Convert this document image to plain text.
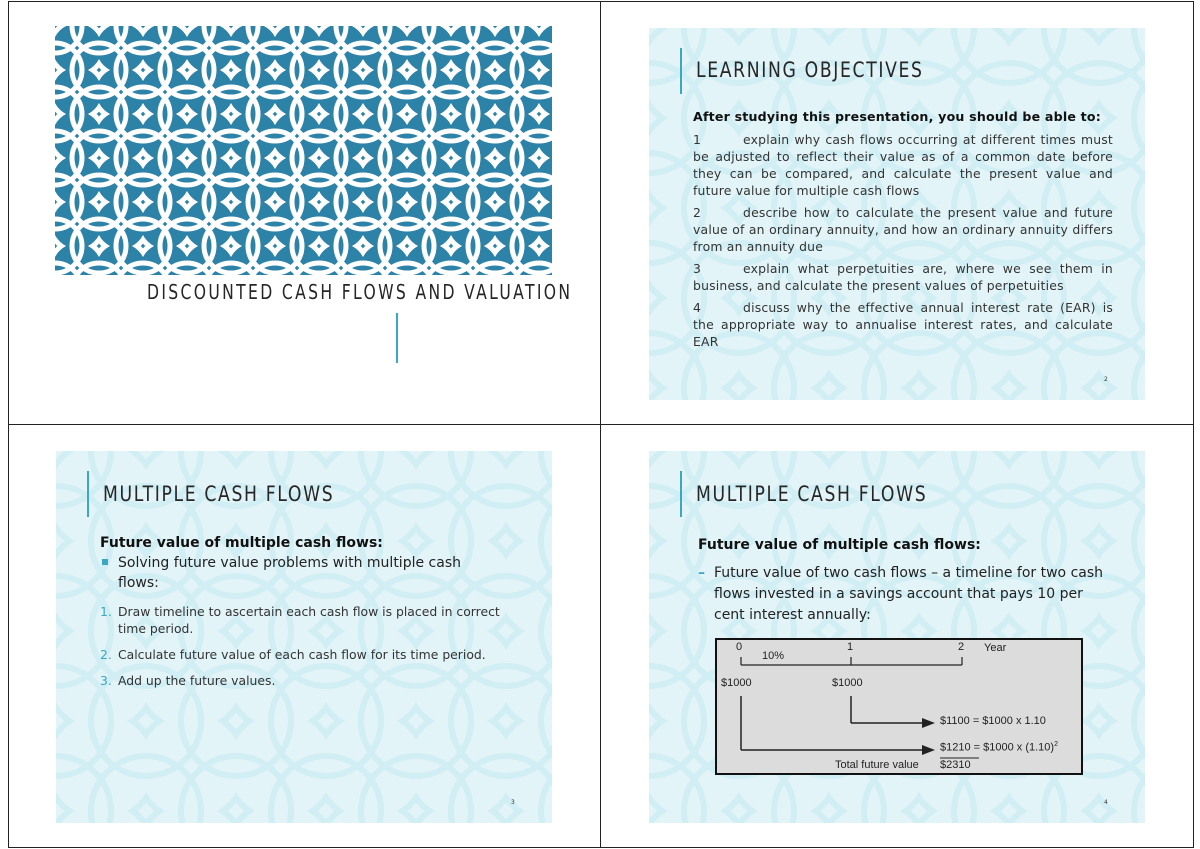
DISCOUNTED CASH FLOWS AND VALUATION
LEARNING OBJECTIVES

After studying this presentation, you should be able to:

1	explain why cash flows occurring at different times must be adjusted to reflect their value as of a common date before they can be compared, and calculate the present value and future value for multiple cash flows

2	describe how to calculate the present value and future value of an ordinary annuity, and how an ordinary annuity differs from an annuity due

3	explain what perpetuities are, where we see them in business, and calculate the present values of perpetuities

4	discuss why the effective annual interest rate (EAR) is the appropriate way to annualise interest rates, and calculate EAR

2
MULTIPLE CASH FLOWS
Future value of multiple cash flows:
Solving future value problems with multiple cash flows:
1. Draw timeline to ascertain each cash flow is placed in correct time period.
2. Calculate future value of each cash flow for its time period.
3. Add up the future values.
3
MULTIPLE CASH FLOWS
Future value of multiple cash flows:
– Future value of two cash flows – a timeline for two cash flows invested in a savings account that pays 10 per cent interest annually:
0
10%
1	2 Year
$1000	$1000
$1100 = $1000 x 1.10
$1210 = $1000 x $(1.10)^2$
Total future value $2310
4
